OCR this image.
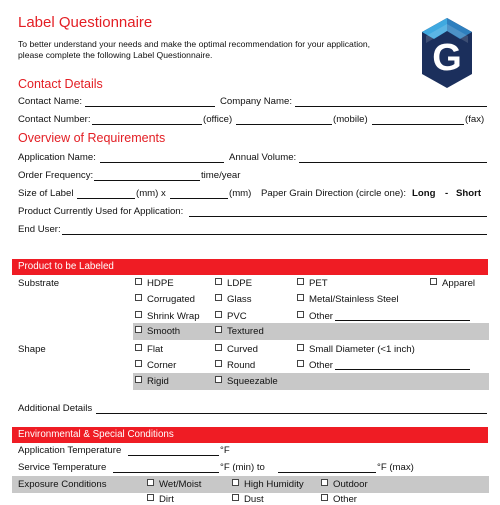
Label Questionnaire
To better understand your needs and make the optimal recommendation for your application,
please complete the following Label Questionnaire.	G
Contact Details
Contact Name:	Company Name:
Contact Number:	(office)	(mobile)	(fax)
Overview of Requirements
Application Name:	Annual Volume:
Order Frequency:	time/year
Size of Label	(mm) x	(mm) Paper Grain Direction (circle one): Long - Short
Product Currently Used for Application:
End User:
Product to be Labeled
Substrate	HDPE	LDPE	PET	Apparel
Corrugated	Glass	Metal/Stainless Steel
Shrink Wrap	PVC	Other
Smooth	Textured
Shape	Flat	Curved	Small Diameter (<1 inch)
Corner	Round	Other
Rigid	Squeezable
Additional Details
Environmental & Special Conditions
Application Temperature	°F
Service Temperature	°F (min) to	°F (max)
Exposure Conditions	Wet/Moist	High Humidity	Outdoor
Dirt	Dust	Other
